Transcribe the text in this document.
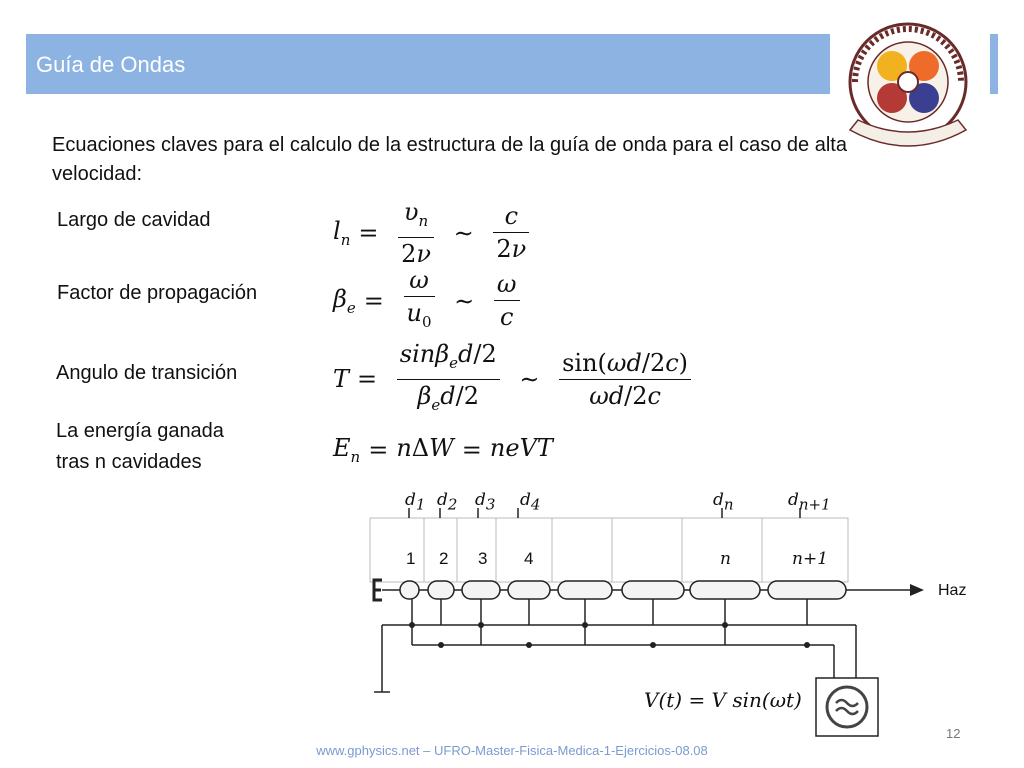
Guía de Ondas
Ecuaciones claves para el calculo de la estructura de la guía de onda para el caso de alta velocidad:
Largo de cavidad
Factor de propagación
Angulo de transición
La energía ganada
tras n cavidades
$l_n = \frac{\upsilon_n}{2\nu}$ ∼ $\frac{c}{2\nu}$
$\beta_e = \frac{\omega}{u_0}$ ∼ $\frac{\omega}{c}$
$T = \frac{\sin\beta_ed/2}{\beta_ed/2}$ ∼ $\frac{\sin(\omega d/2c)}{\omega d/2c}$
$E_n = n\Delta W$ = neVT
$d_1$ $d_2$ $d_3$ $d_4$	$d_n$	$d_{n+1}$
1 2 3 4	n	n+1
Haz
V(t) = V sin(ωt)
12
www.gphysics.net – UFRO-Master-Fisica-Medica-1-Ejercicios-08.08
